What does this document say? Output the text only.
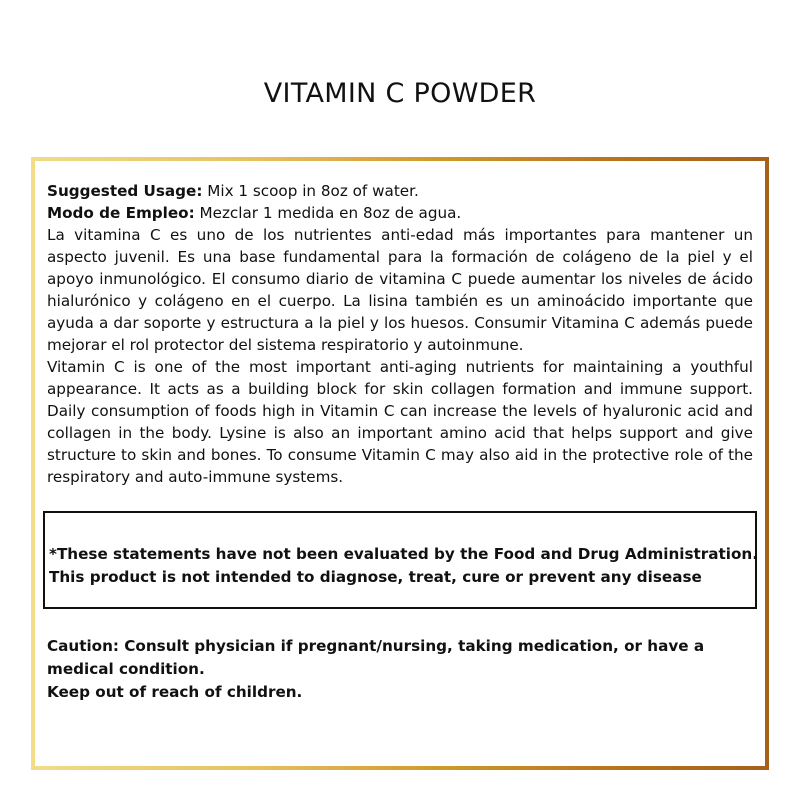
VITAMIN C POWDER

Suggested Usage: Mix 1 scoop in 8oz of water.

Modo de Empleo: Mezclar 1 medida en 8oz de agua.

La vitamina C es uno de los nutrientes anti-edad más importantes para mantener un aspecto juvenil. Es una base fundamental para la formación de colágeno de la piel y el apoyo inmunológico. El consumo diario de vitamina C puede aumentar los niveles de ácido hialurónico y colágeno en el cuerpo. La lisina también es un aminoácido importante que ayuda a dar soporte y estructura a la piel y los huesos. Consumir Vitamina C además puede mejorar el rol protector del sistema respiratorio y autoinmune.

Vitamin C is one of the most important anti-aging nutrients for maintaining a youthful appearance. It acts as a building block for skin collagen formation and immune support. Daily consumption of foods high in Vitamin C can increase the levels of hyaluronic acid and collagen in the body. Lysine is also an important amino acid that helps support and give structure to skin and bones. To consume Vitamin C may also aid in the protective role of the respiratory and auto-immune systems.

*These statements have not been evaluated by the Food and Drug Administration.

This product is not intended to diagnose, treat, cure or prevent any disease

Caution: Consult physician if pregnant/nursing, taking medication, or have a medical condition.

Keep out of reach of children.
